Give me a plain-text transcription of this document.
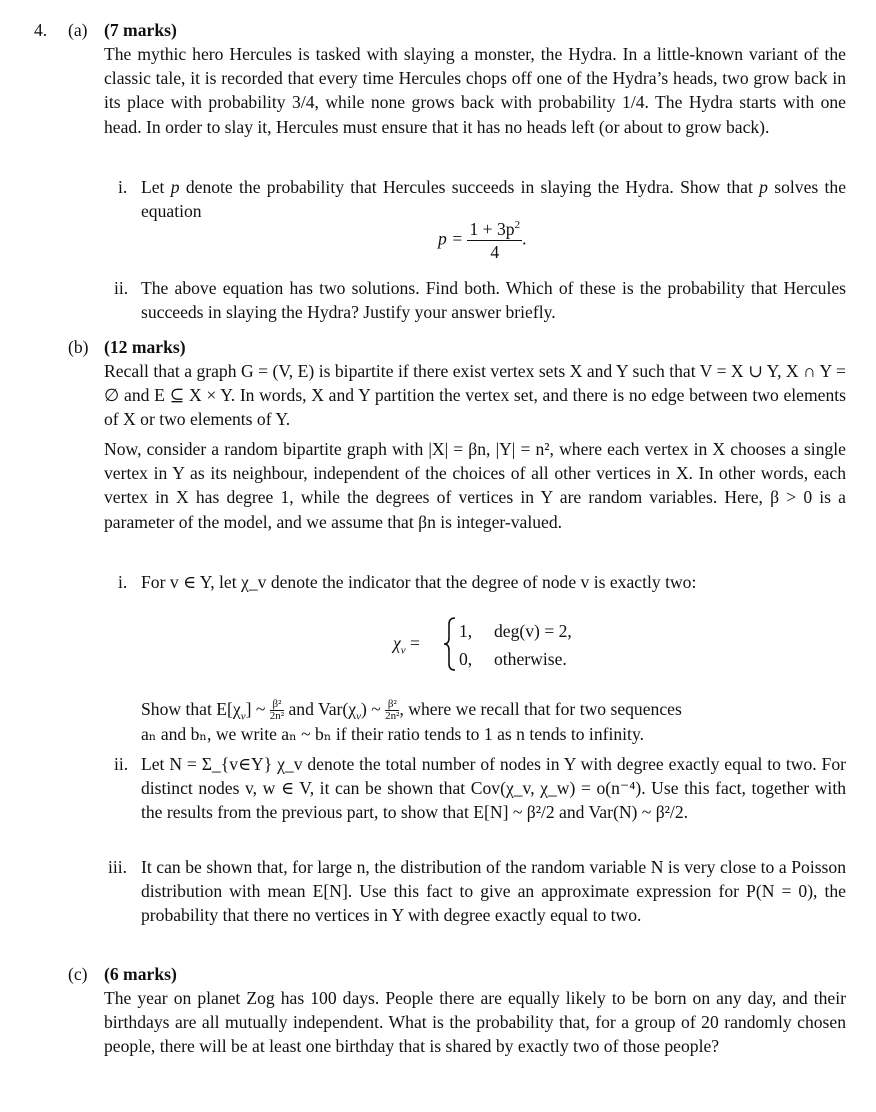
4. (a) (7 marks)
The mythic hero Hercules is tasked with slaying a monster, the Hydra. In a little-known variant of the classic tale, it is recorded that every time Hercules chops off one of the Hydra’s heads, two grow back in its place with probability 3/4, while none grows back with probability 1/4. The Hydra starts with one head. In order to slay it, Hercules must ensure that it has no heads left (or about to grow back).
i. Let p denote the probability that Hercules succeeds in slaying the Hydra. Show that p solves the equation
$p = \frac{1 + 3p^2}{4}$ .
ii. The above equation has two solutions. Find both. Which of these is the probability that Hercules succeeds in slaying the Hydra? Justify your answer briefly.
(b) (12 marks)
Recall that a graph G = (V, E) is bipartite if there exist vertex sets X and Y such that V = X ∪ Y, X ∩ Y = ∅ and E ⊆ X × Y. In words, X and Y partition the vertex set, and there is no edge between two elements of X or two elements of Y.
Now, consider a random bipartite graph with |X| = βn, |Y| = n², where each vertex in X chooses a single vertex in Y as its neighbour, independent of the choices of all other vertices in X. In other words, each vertex in X has degree 1, while the degrees of vertices in Y are random variables. Here, β > 0 is a parameter of the model, and we assume that βn is integer-valued.
i. For v ∈ Y, let χ_v denote the indicator that the degree of node v is exactly two:
$\chi_v$ =
1, deg(v) = 2,
0, otherwise.
Show that $E[\chi_v]$ ~ $\frac{\text{β²}}{\text{2n²}}$ and $Var(\chi_v)$ ~ $\frac{\text{β²}}{\text{2n²}}$ , where we recall that for two sequences
aₙ and bₙ, we write aₙ ~ bₙ if their ratio tends to 1 as n tends to infinity.
ii. Let N = Σ_{v∈Y} χ_v denote the total number of nodes in Y with degree exactly equal to two. For distinct nodes v, w ∈ V, it can be shown that Cov(χ_v, χ_w) = o(n⁻⁴). Use this fact, together with the results from the previous part, to show that E[N] ~ β²/2 and Var(N) ~ β²/2.
iii. It can be shown that, for large n, the distribution of the random variable N is very close to a Poisson distribution with mean E[N]. Use this fact to give an approximate expression for P(N = 0), the probability that there no vertices in Y with degree exactly equal to two.
(c) (6 marks)
The year on planet Zog has 100 days. People there are equally likely to be born on any day, and their birthdays are all mutually independent. What is the probability that, for a group of 20 randomly chosen people, there will be at least one birthday that is shared by exactly two of those people?
